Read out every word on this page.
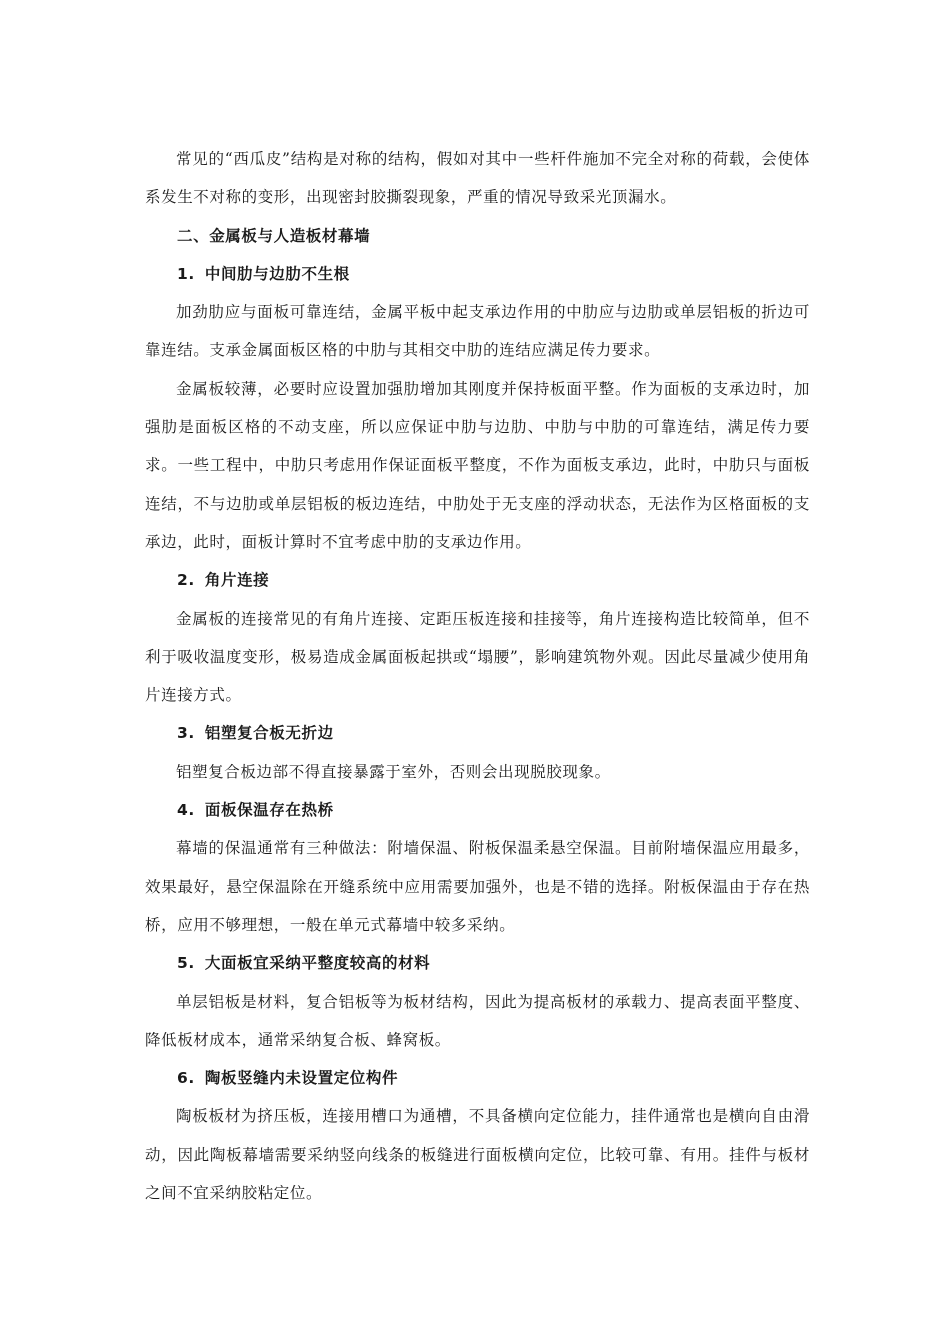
常见的“西瓜皮”结构是对称的结构，假如对其中一些杆件施加不完全对称的荷载，会使体系发生不对称的变形，出现密封胶撕裂现象，严重的情况导致采光顶漏水。

二、金属板与人造板材幕墙

1. 中间肋与边肋不生根

加劲肋应与面板可靠连结，金属平板中起支承边作用的中肋应与边肋或单层铝板的折边可靠连结。支承金属面板区格的中肋与其相交中肋的连结应满足传力要求。

金属板较薄，必要时应设置加强肋增加其刚度并保持板面平整。作为面板的支承边时，加强肋是面板区格的不动支座，所以应保证中肋与边肋、中肋与中肋的可靠连结，满足传力要求。一些工程中，中肋只考虑用作保证面板平整度，不作为面板支承边，此时，中肋只与面板连结，不与边肋或单层铝板的板边连结，中肋处于无支座的浮动状态，无法作为区格面板的支承边，此时，面板计算时不宜考虑中肋的支承边作用。

2. 角片连接

金属板的连接常见的有角片连接、定距压板连接和挂接等，角片连接构造比较简单，但不利于吸收温度变形，极易造成金属面板起拱或“塌腰”，影响建筑物外观。因此尽量减少使用角片连接方式。

3. 铝塑复合板无折边

铝塑复合板边部不得直接暴露于室外，否则会出现脱胶现象。

4. 面板保温存在热桥

幕墙的保温通常有三种做法：附墙保温、附板保温柔悬空保温。目前附墙保温应用最多，效果最好，悬空保温除在开缝系统中应用需要加强外，也是不错的选择。附板保温由于存在热桥，应用不够理想，一般在单元式幕墙中较多采纳。

5. 大面板宜采纳平整度较高的材料

单层铝板是材料，复合铝板等为板材结构，因此为提高板材的承载力、提高表面平整度、降低板材成本，通常采纳复合板、蜂窝板。

6. 陶板竖缝内未设置定位构件

陶板板材为挤压板，连接用槽口为通槽，不具备横向定位能力，挂件通常也是横向自由滑动，因此陶板幕墙需要采纳竖向线条的板缝进行面板横向定位，比较可靠、有用。挂件与板材之间不宜采纳胶粘定位。
